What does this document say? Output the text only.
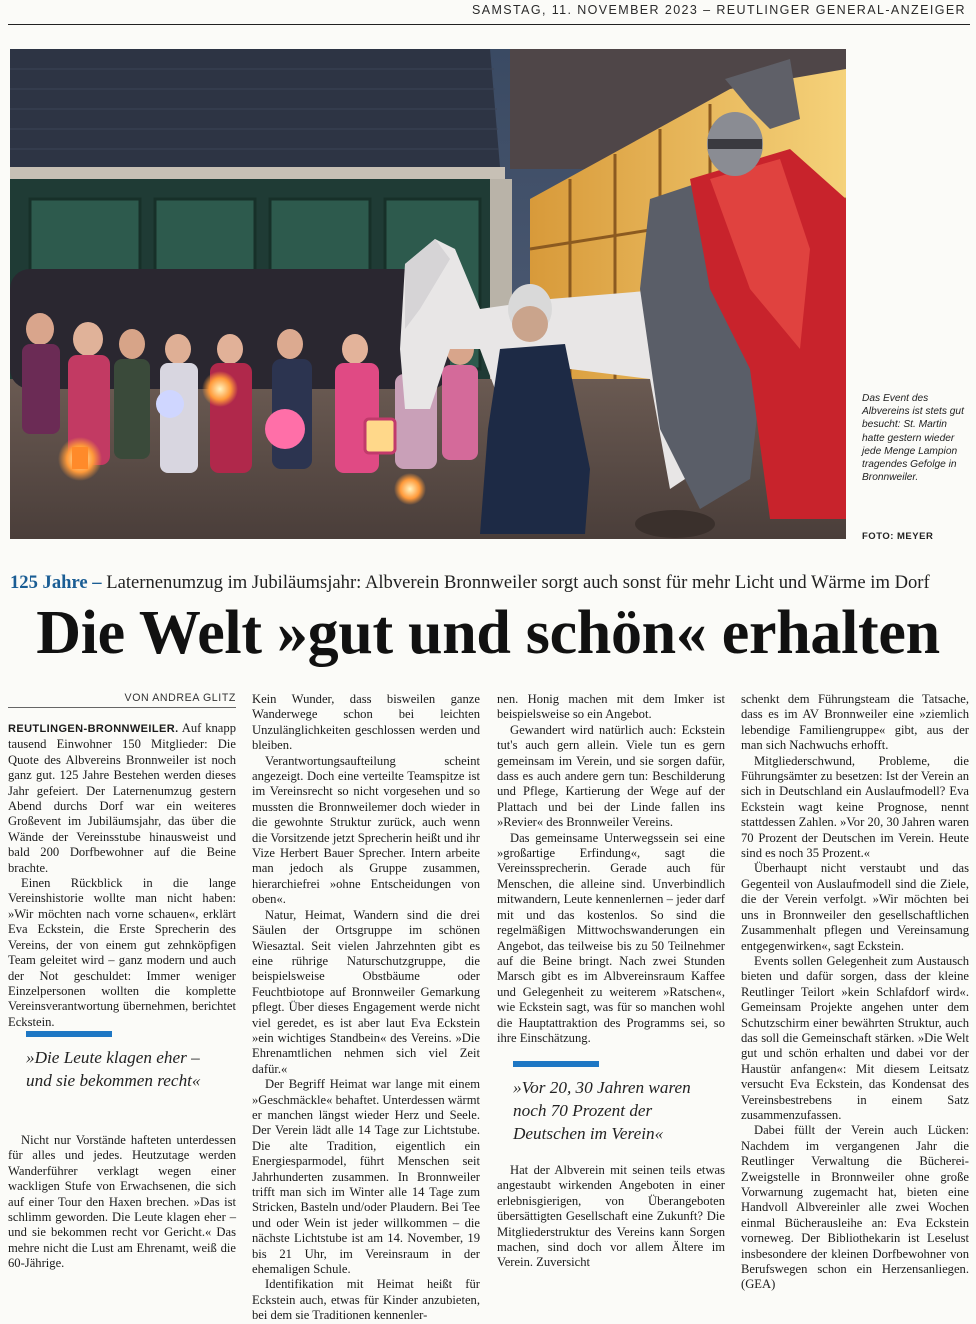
SAMSTAG, 11. NOVEMBER 2023 – REUTLINGER GENERAL-ANZEIGER
Das Event des Albvereins ist stets gut besucht: St. Martin hatte gestern wieder jede Menge Lampion tragendes Gefolge in Bronnweiler.
FOTO: MEYER
125 Jahre – Laternenumzug im Jubiläumsjahr: Albverein Bronnweiler sorgt auch sonst für mehr Licht und Wärme im Dorf
Die Welt »gut und schön« erhalten
VON ANDREA GLITZ

REUTLINGEN-BRONNWEILER. Auf knapp tausend Einwohner 150 Mitglieder: Die Quote des Albvereins Bronnweiler ist noch ganz gut. 125 Jahre Bestehen werden dieses Jahr gefeiert. Der Laternenumzug gestern Abend durchs Dorf war ein weiteres Großevent im Jubiläumsjahr, das über die Wände der Vereinsstube hinausweist und bald 200 Dorfbewohner auf die Beine brachte.

Einen Rückblick in die lange Vereinshistorie wollte man nicht haben: »Wir möchten nach vorne schauen«, erklärt Eva Eckstein, die Erste Sprecherin des Vereins, der von einem gut zehnköpfigen Team geleitet wird – ganz modern und auch der Not geschuldet: Immer weniger Einzelpersonen wollten die komplette Vereinsverantwortung übernehmen, berichtet Eckstein.

»Die Leute klagen eher – und sie bekommen recht«

Nicht nur Vorstände hafteten unterdessen für alles und jedes. Heutzutage werden Wanderführer verklagt wegen einer wackligen Stufe von Erwachsenen, die sich auf einer Tour den Haxen brechen. »Das ist schlimm geworden. Die Leute klagen eher – und sie bekommen recht vor Gericht.« Das mehre nicht die Lust am Ehrenamt, weiß die 60-Jährige.

Kein Wunder, dass bisweilen ganze Wanderwege schon bei leichten Unzulänglichkeiten geschlossen werden und bleiben.

Verantwortungsaufteilung scheint angezeigt. Doch eine verteilte Teamspitze ist im Vereinsrecht so nicht vorgesehen und so mussten die Bronnweilemer doch wieder in die gewohnte Struktur zurück, auch wenn die Vorsitzende jetzt Sprecherin heißt und ihr Vize Herbert Bauer Sprecher. Intern arbeite man jedoch als Gruppe zusammen, hierarchiefrei »ohne Entscheidungen von oben«.

Natur, Heimat, Wandern sind die drei Säulen der Ortsgruppe im schönen Wiesaztal. Seit vielen Jahrzehnten gibt es eine rührige Naturschutzgruppe, die beispielsweise Obstbäume oder Feuchtbiotope auf Bronnweiler Gemarkung pflegt. Über dieses Engagement werde nicht viel geredet, es ist aber laut Eva Eckstein »ein wichtiges Standbein« des Vereins. »Die Ehrenamtlichen nehmen sich viel Zeit dafür.«

Der Begriff Heimat war lange mit einem »Geschmäckle« behaftet. Unterdessen wärmt er manchen längst wieder Herz und Seele. Der Verein lädt alle 14 Tage zur Lichtstube. Die alte Tradition, eigentlich ein Energiesparmodel, führt Menschen seit Jahrhunderten zusammen. In Bronnweiler trifft man sich im Winter alle 14 Tage zum Stricken, Basteln und/oder Plaudern. Bei Tee und oder Wein ist jeder willkommen – die nächste Lichtstube ist am 14. November, 19 bis 21 Uhr, im Vereinsraum in der ehemaligen Schule.

Identifikation mit Heimat heißt für Eckstein auch, etwas für Kinder anzubieten, bei dem sie Traditionen kennenler-

nen. Honig machen mit dem Imker ist beispielsweise so ein Angebot.

Gewandert wird natürlich auch: Eckstein tut's auch gern allein. Viele tun es gern gemeinsam im Verein, und sie sorgen dafür, dass es auch andere gern tun: Beschilderung und Pflege, Kartierung der Wege auf der Plattach und bei der Linde fallen ins »Revier« des Bronnweiler Vereins.

Das gemeinsame Unterwegssein sei eine »großartige Erfindung«, sagt die Vereinssprecherin. Gerade auch für Menschen, die alleine sind. Unverbindlich mitwandern, Leute kennenlernen – jeder darf mit und das kostenlos. So sind die regelmäßigen Mittwochswanderungen ein Angebot, das teilweise bis zu 50 Teilnehmer auf die Beine bringt. Nach zwei Stunden Marsch gibt es im Albvereinsraum Kaffee und Gelegenheit zu weiterem »Ratschen«, wie Eckstein sagt, was für so manchen wohl die Hauptattraktion des Programms sei, so ihre Einschätzung.

»Vor 20, 30 Jahren waren noch 70 Prozent der Deutschen im Verein«

Hat der Albverein mit seinen teils etwas angestaubt wirkenden Angeboten in einer erlebnisgierigen, von Überangeboten übersättigten Gesellschaft eine Zukunft? Die Mitgliederstruktur des Vereins kann Sorgen machen, sind doch vor allem Ältere im Verein. Zuversicht

schenkt dem Führungsteam die Tatsache, dass es im AV Bronnweiler eine »ziemlich lebendige Familiengruppe« gibt, aus der man sich Nachwuchs erhofft.

Mitgliederschwund, Probleme, die Führungsämter zu besetzen: Ist der Verein an sich in Deutschland ein Auslaufmodell? Eva Eckstein wagt keine Prognose, nennt stattdessen Zahlen. »Vor 20, 30 Jahren waren 70 Prozent der Deutschen im Verein. Heute sind es noch 35 Prozent.«

Überhaupt nicht verstaubt und das Gegenteil von Auslaufmodell sind die Ziele, die der Verein verfolgt. »Wir möchten bei uns in Bronnweiler den gesellschaftlichen Zusammenhalt pflegen und Vereinsamung entgegenwirken«, sagt Eckstein.

Events sollen Gelegenheit zum Austausch bieten und dafür sorgen, dass der kleine Reutlinger Teilort »kein Schlafdorf wird«. Gemeinsam Projekte angehen unter dem Schutzschirm einer bewährten Struktur, auch das soll die Gemeinschaft stärken. »Die Welt gut und schön erhalten und dabei vor der Haustür anfangen«: Mit diesem Leitsatz versucht Eva Eckstein, das Kondensat des Vereinsbestrebens in einem Satz zusammenzufassen.

Dabei füllt der Verein auch Lücken: Nachdem im vergangenen Jahr die Reutlinger Verwaltung die Bücherei-Zweigstelle in Bronnweiler ohne große Vorwarnung zugemacht hat, bieten eine Handvoll Albvereinler alle zwei Wochen einmal Bücherausleihe an: Eva Eckstein vorneweg. Der Bibliothekarin ist Leselust insbesondere der kleinen Dorfbewohner von Berufswegen schon ein Herzensanliegen. (GEA)
